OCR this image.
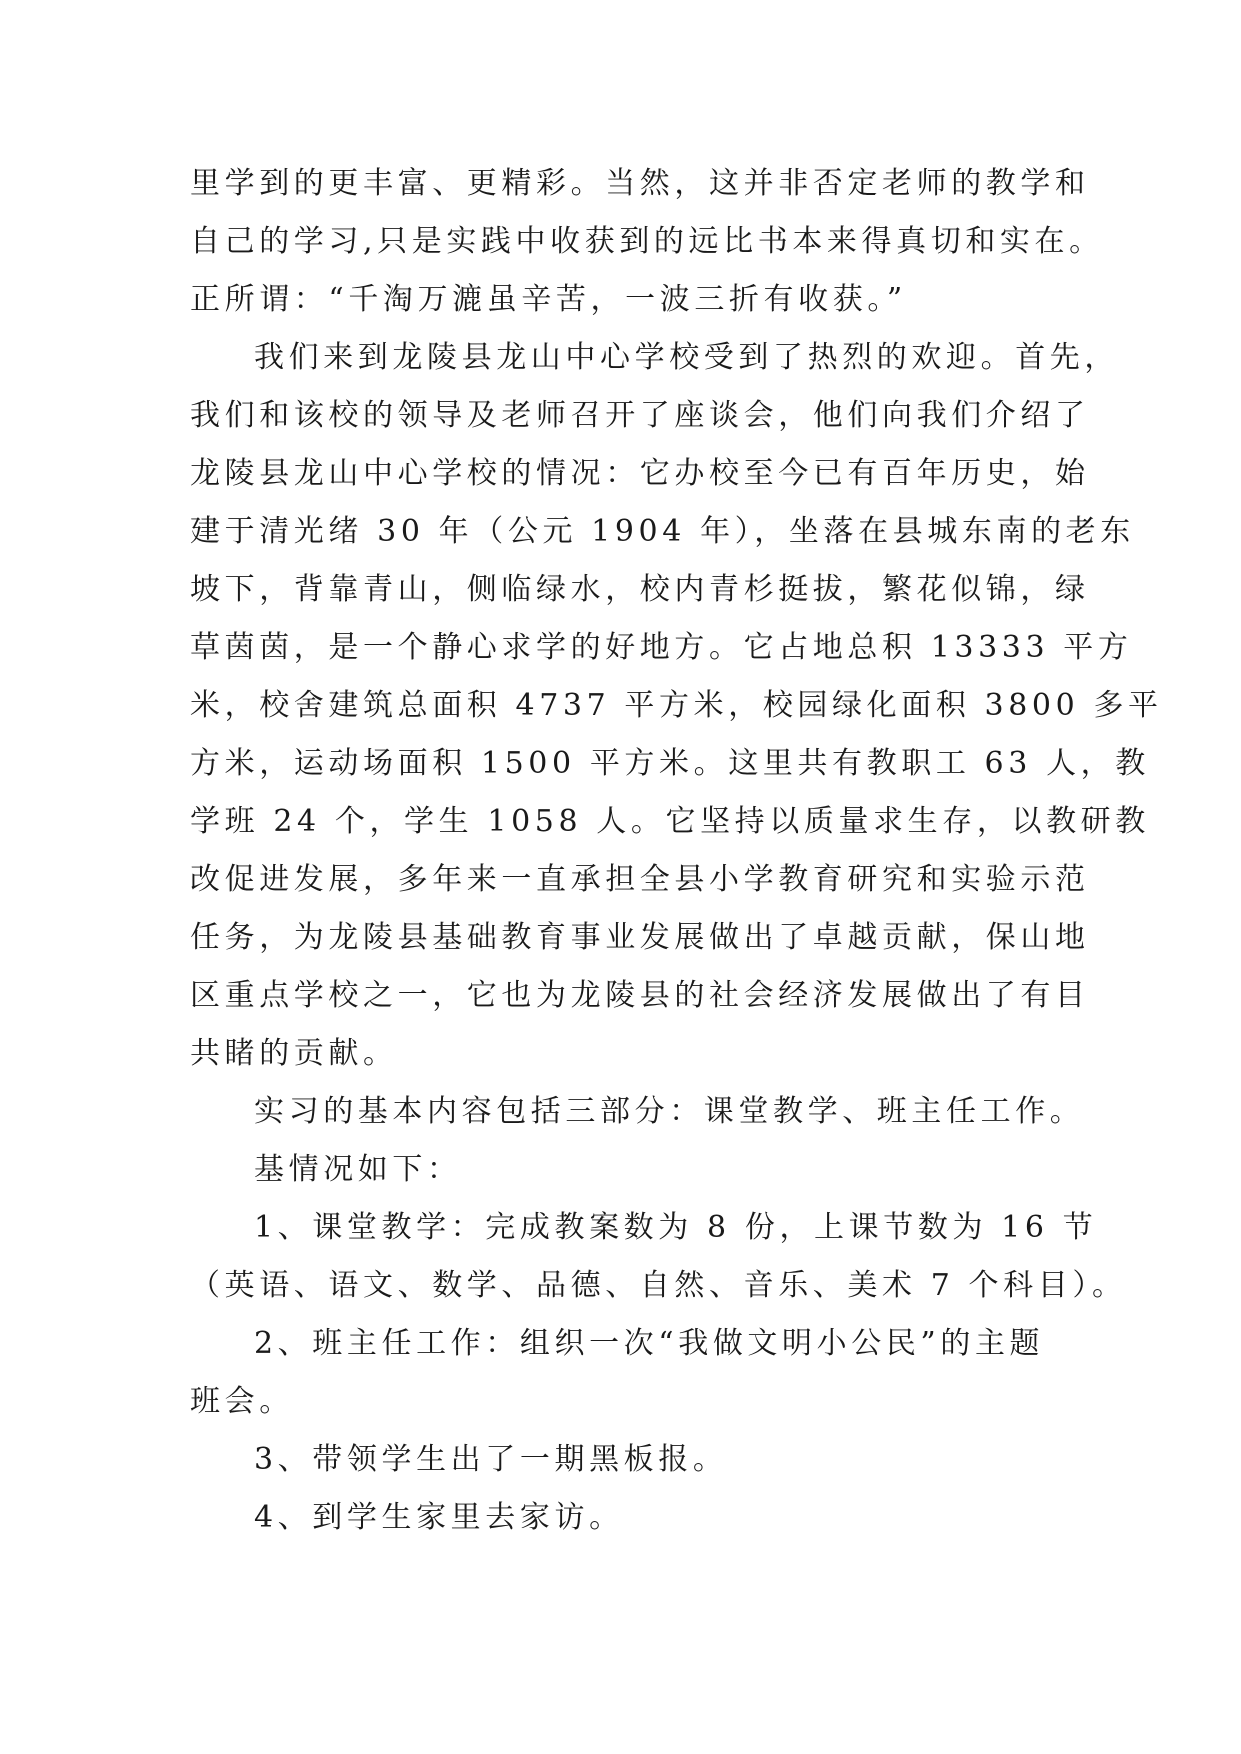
里学到的更丰富、更精彩。当然，这并非否定老师的教学和
自己的学习,只是实践中收获到的远比书本来得真切和实在。
正所谓：“千淘万漉虽辛苦，一波三折有收获。”
我们来到龙陵县龙山中心学校受到了热烈的欢迎。首先，
我们和该校的领导及老师召开了座谈会，他们向我们介绍了
龙陵县龙山中心学校的情况：它办校至今已有百年历史，始
建于清光绪 30 年（公元 1904 年），坐落在县城东南的老东
坡下，背靠青山，侧临绿水，校内青杉挺拔，繁花似锦，绿
草茵茵，是一个静心求学的好地方。它占地总积 13333 平方
米，校舍建筑总面积 4737 平方米，校园绿化面积 3800 多平
方米，运动场面积 1500 平方米。这里共有教职工 63 人，教
学班 24 个，学生 1058 人。它坚持以质量求生存，以教研教
改促进发展，多年来一直承担全县小学教育研究和实验示范
任务，为龙陵县基础教育事业发展做出了卓越贡献，保山地
区重点学校之一，它也为龙陵县的社会经济发展做出了有目
共睹的贡献。
实习的基本内容包括三部分：课堂教学、班主任工作。
基情况如下：
1、课堂教学：完成教案数为 8 份，上课节数为 16 节
（英语、语文、数学、品德、自然、音乐、美术 7 个科目）。
2、班主任工作：组织一次“我做文明小公民”的主题
班会。
3、带领学生出了一期黑板报。
4、到学生家里去家访。
